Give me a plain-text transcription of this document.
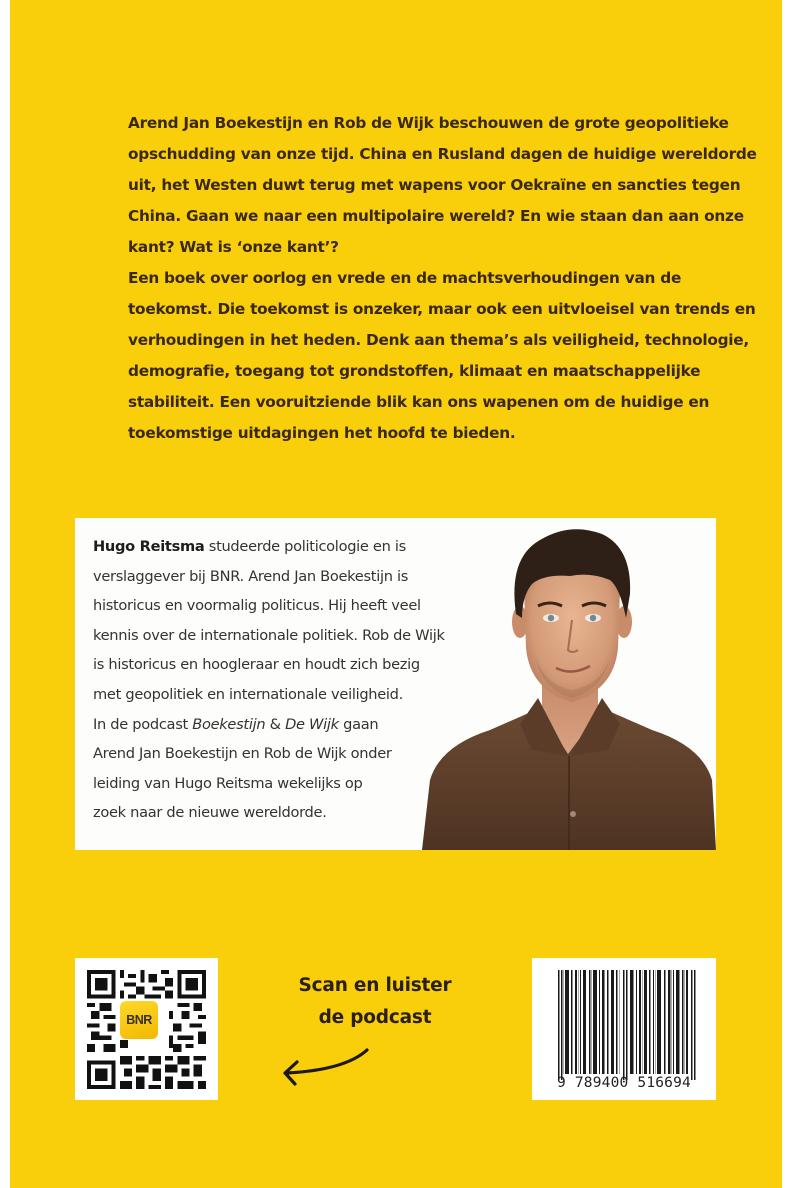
Arend Jan Boekestijn en Rob de Wijk beschouwen de grote geopolitieke
opschudding van onze tijd. China en Rusland dagen de huidige wereldorde
uit, het Westen duwt terug met wapens voor Oekraïne en sancties tegen
China. Gaan we naar een multipolaire wereld? En wie staan dan aan onze
kant? Wat is ‘onze kant’?
Een boek over oorlog en vrede en de machtsverhoudingen van de
toekomst. Die toekomst is onzeker, maar ook een uitvloeisel van trends en
verhoudingen in het heden. Denk aan thema’s als veiligheid, technologie,
demografie, toegang tot grondstoffen, klimaat en maatschappelijke
stabiliteit. Een vooruitziende blik kan ons wapenen om de huidige en
toekomstige uitdagingen het hoofd te bieden.
Hugo Reitsma studeerde politicologie en is
verslaggever bij BNR. Arend Jan Boekestijn is
historicus en voormalig politicus. Hij heeft veel
kennis over de internationale politiek. Rob de Wijk
is historicus en hoogleraar en houdt zich bezig
met geopolitiek en internationale veiligheid.
In de podcast Boekestijn & De Wijk gaan
Arend Jan Boekestijn en Rob de Wijk onder
leiding van Hugo Reitsma wekelijks op
zoek naar de nieuwe wereldorde.
BNR
Scan en luister
de podcast
9 789400 516694
